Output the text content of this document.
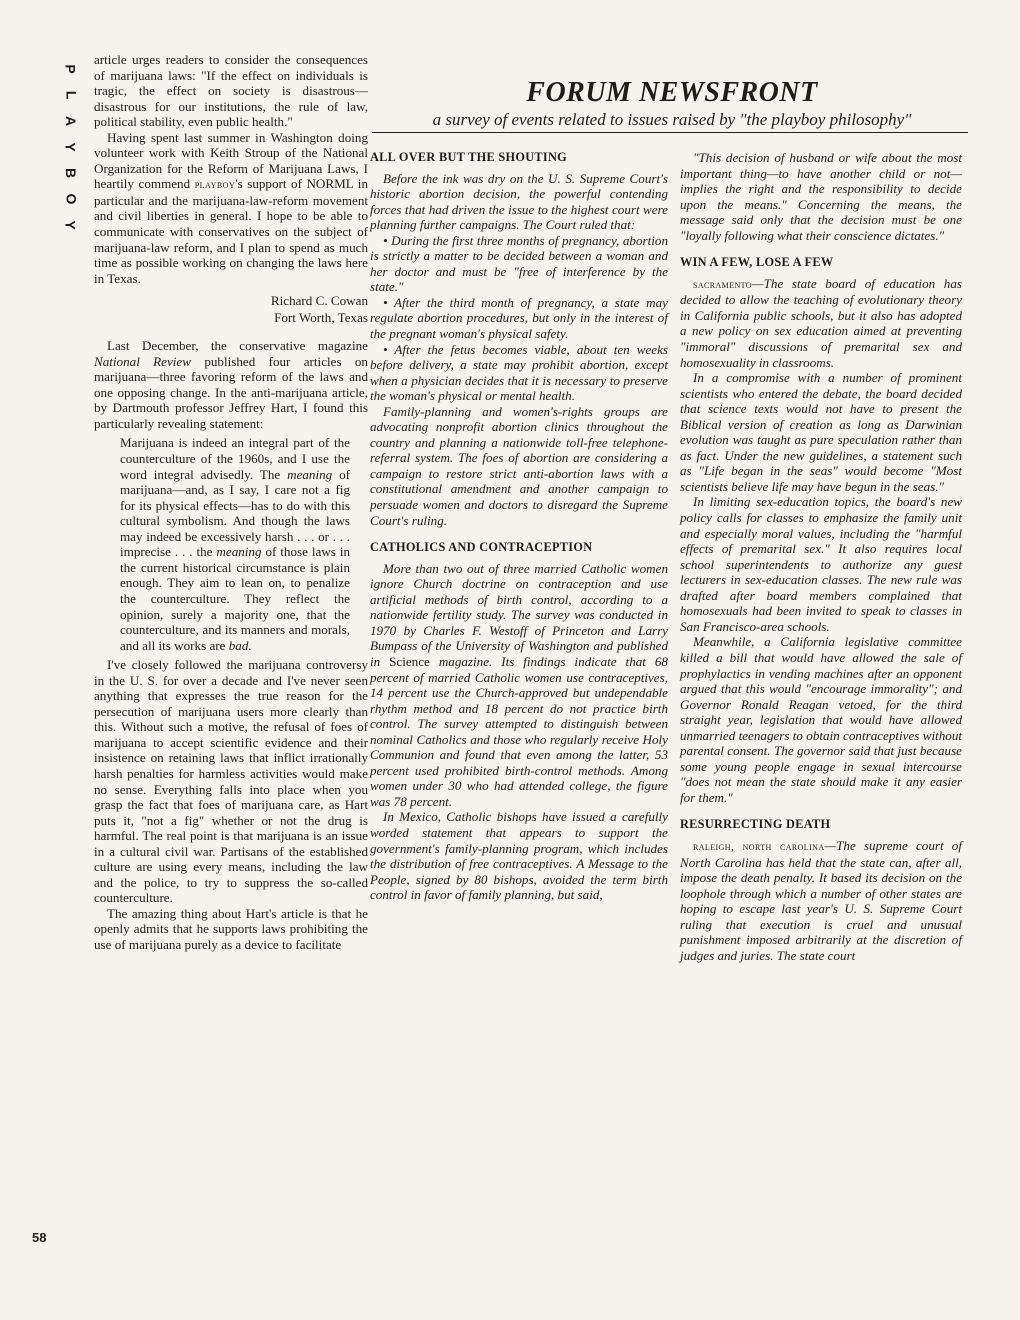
P
L
A
Y
B
O
Y
58

article urges readers to consider the consequences of marijuana laws: "If the effect on individuals is tragic, the effect on society is disastrous—disastrous for our institutions, the rule of law, political stability, even public health."

Having spent last summer in Washington doing volunteer work with Keith Stroup of the National Organization for the Reform of Marijuana Laws, I heartily commend playboy's support of NORML in particular and the marijuana-law-reform movement and civil liberties in general. I hope to be able to communicate with conservatives on the subject of marijuana-law reform, and I plan to spend as much time as possible working on changing the laws here in Texas.

Richard C. Cowan
Fort Worth, Texas

Last December, the conservative magazine National Review published four articles on marijuana—three favoring reform of the laws and one opposing change. In the anti-marijuana article, by Dartmouth professor Jeffrey Hart, I found this particularly revealing statement:

Marijuana is indeed an integral part of the counterculture of the 1960s, and I use the word integral advisedly. The meaning of marijuana—and, as I say, I care not a fig for its physical effects—has to do with this cultural symbolism. And though the laws may indeed be excessively harsh . . . or . . . imprecise . . . the meaning of those laws in the current historical circumstance is plain enough. They aim to lean on, to penalize the counterculture. They reflect the opinion, surely a majority one, that the counterculture, and its manners and morals, and all its works are bad.

I've closely followed the marijuana controversy in the U. S. for over a decade and I've never seen anything that expresses the true reason for the persecution of marijuana users more clearly than this. Without such a motive, the refusal of foes of marijuana to accept scientific evidence and their insistence on retaining laws that inflict irrationally harsh penalties for harmless activities would make no sense. Everything falls into place when you grasp the fact that foes of marijuana care, as Hart puts it, "not a fig" whether or not the drug is harmful. The real point is that marijuana is an issue in a cultural civil war. Partisans of the established culture are using every means, including the law and the police, to try to suppress the so-called counterculture.

The amazing thing about Hart's article is that he openly admits that he supports laws prohibiting the use of marijuana purely as a device to facilitate

FORUM NEWSFRONT
a survey of events related to issues raised by "the playboy philosophy"
ALL OVER BUT THE SHOUTING

Before the ink was dry on the U. S. Supreme Court's historic abortion decision, the powerful contending forces that had driven the issue to the highest court were planning further campaigns. The Court ruled that:

• During the first three months of pregnancy, abortion is strictly a matter to be decided between a woman and her doctor and must be "free of interference by the state."

• After the third month of pregnancy, a state may regulate abortion procedures, but only in the interest of the pregnant woman's physical safety.

• After the fetus becomes viable, about ten weeks before delivery, a state may prohibit abortion, except when a physician decides that it is necessary to preserve the woman's physical or mental health.

Family-planning and women's-rights groups are advocating nonprofit abortion clinics throughout the country and planning a nationwide toll-free telephone-referral system. The foes of abortion are considering a campaign to restore strict anti-abortion laws with a constitutional amendment and another campaign to persuade women and doctors to disregard the Supreme Court's ruling.

CATHOLICS AND CONTRACEPTION

More than two out of three married Catholic women ignore Church doctrine on contraception and use artificial methods of birth control, according to a nationwide fertility study. The survey was conducted in 1970 by Charles F. Westoff of Princeton and Larry Bumpass of the University of Washington and published in Science magazine. Its findings indicate that 68 percent of married Catholic women use contraceptives, 14 percent use the Church-approved but undependable rhythm method and 18 percent do not practice birth control. The survey attempted to distinguish between nominal Catholics and those who regularly receive Holy Communion and found that even among the latter, 53 percent used prohibited birth-control methods. Among women under 30 who had attended college, the figure was 78 percent.

In Mexico, Catholic bishops have issued a carefully worded statement that appears to support the government's family-planning program, which includes the distribution of free contraceptives. A Message to the People, signed by 80 bishops, avoided the term birth control in favor of family planning, but said,

"This decision of husband or wife about the most important thing—to have another child or not—implies the right and the responsibility to decide upon the means." Concerning the means, the message said only that the decision must be one "loyally following what their conscience dictates."

WIN A FEW, LOSE A FEW

sacramento—The state board of education has decided to allow the teaching of evolutionary theory in California public schools, but it also has adopted a new policy on sex education aimed at preventing "immoral" discussions of premarital sex and homosexuality in classrooms.

In a compromise with a number of prominent scientists who entered the debate, the board decided that science texts would not have to present the Biblical version of creation as long as Darwinian evolution was taught as pure speculation rather than as fact. Under the new guidelines, a statement such as "Life began in the seas" would become "Most scientists believe life may have begun in the seas."

In limiting sex-education topics, the board's new policy calls for classes to emphasize the family unit and especially moral values, including the "harmful effects of premarital sex." It also requires local school superintendents to authorize any guest lecturers in sex-education classes. The new rule was drafted after board members complained that homosexuals had been invited to speak to classes in San Francisco-area schools.

Meanwhile, a California legislative committee killed a bill that would have allowed the sale of prophylactics in vending machines after an opponent argued that this would "encourage immorality"; and Governor Ronald Reagan vetoed, for the third straight year, legislation that would have allowed unmarried teenagers to obtain contraceptives without parental consent. The governor said that just because some young people engage in sexual intercourse "does not mean the state should make it any easier for them."

RESURRECTING DEATH

raleigh, north carolina—The supreme court of North Carolina has held that the state can, after all, impose the death penalty. It based its decision on the loophole through which a number of other states are hoping to escape last year's U. S. Supreme Court ruling that execution is cruel and unusual punishment imposed arbitrarily at the discretion of judges and juries. The state court
